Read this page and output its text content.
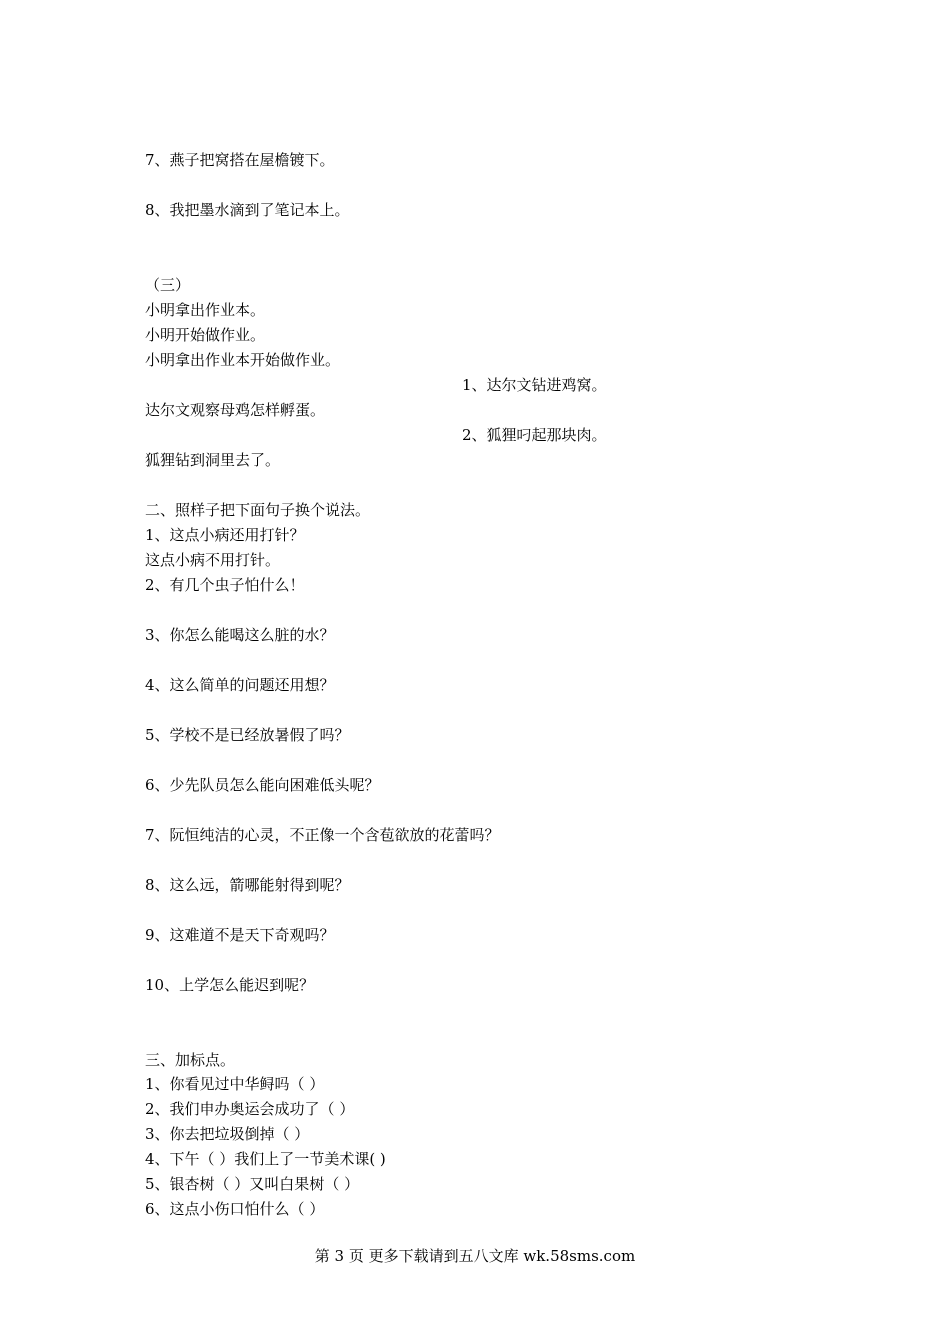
7、燕子把窝搭在屋檐镀下。
8、我把墨水滴到了笔记本上。
（三）
小明拿出作业本。
小明开始做作业。
小明拿出作业本开始做作业。
1、达尔文钻进鸡窝。
达尔文观察母鸡怎样孵蛋。
2、狐狸叼起那块肉。
狐狸钻到洞里去了。
二、照样子把下面句子换个说法。
1、这点小病还用打针？
这点小病不用打针。
2、有几个虫子怕什么！
3、你怎么能喝这么脏的水？
4、这么简单的问题还用想？
5、学校不是已经放暑假了吗？
6、少先队员怎么能向困难低头呢？
7、阮恒纯洁的心灵，不正像一个含苞欲放的花蕾吗？
8、这么远，箭哪能射得到呢？
9、这难道不是天下奇观吗？
10、上学怎么能迟到呢？
三、加标点。
1、你看见过中华鲟吗（ ）
2、我们申办奥运会成功了（ ）
3、你去把垃圾倒掉（ ）
4、下午（ ）我们上了一节美术课( )
5、银杏树（ ）又叫白果树（ ）
6、这点小伤口怕什么（ ）
第 3 页 更多下载请到五八文库 wk.58sms.com
